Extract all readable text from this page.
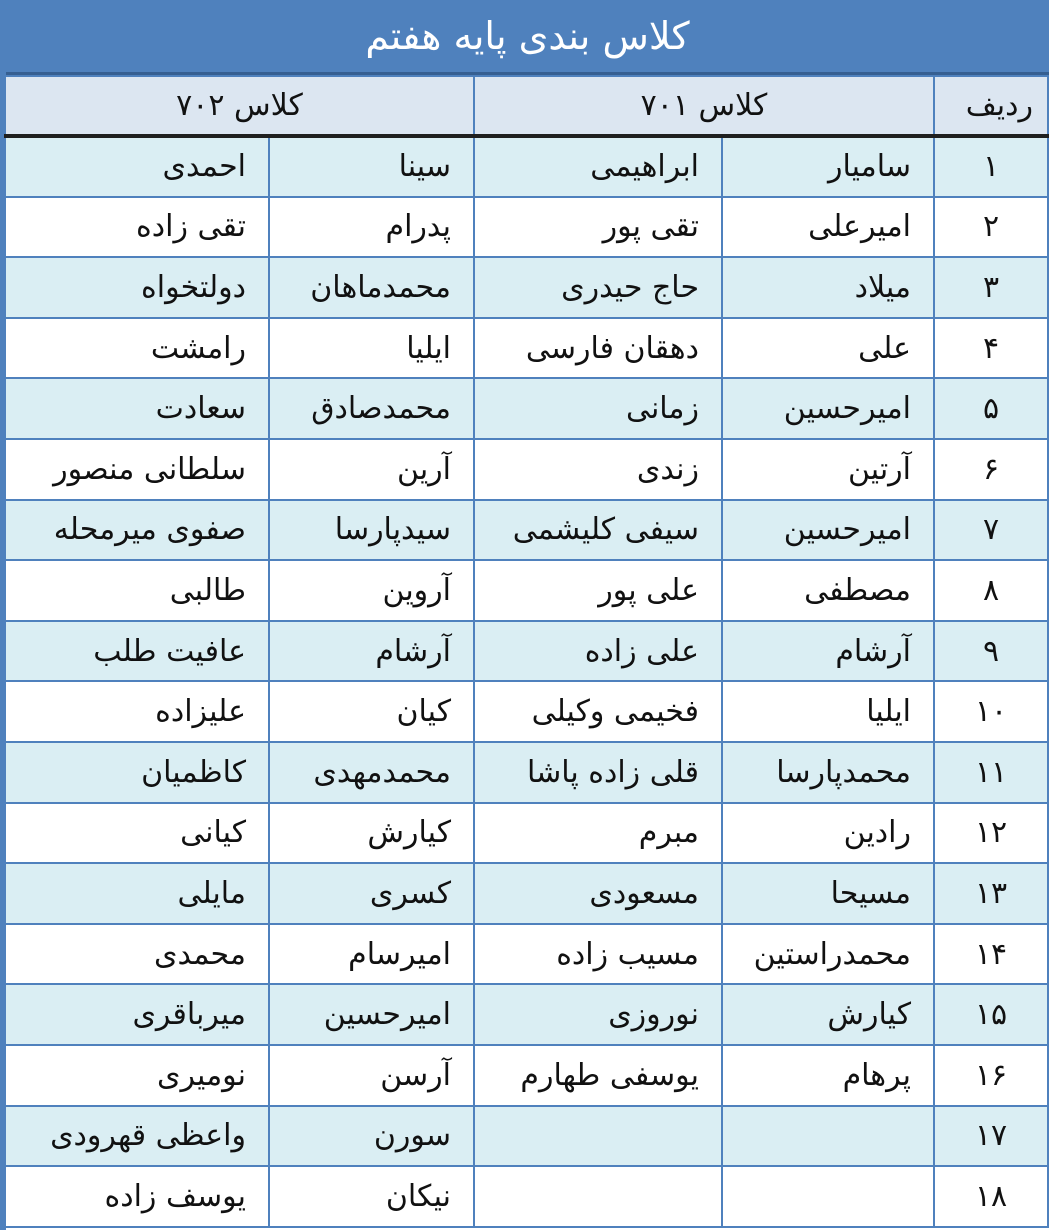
کلاس بندی پایه هفتم
ردیف	کلاس ۷۰۱		کلاس ۷۰۲	
۱	سامیار	ابراهیمی	سینا	احمدی
۲	امیرعلی	تقی پور	پدرام	تقی زاده
۳	میلاد	حاج حیدری	محمدماهان	دولتخواه
۴	علی	دهقان فارسی	ایلیا	رامشت
۵	امیرحسین	زمانی	محمدصادق	سعادت
۶	آرتین	زندی	آرین	سلطانی منصور
۷	امیرحسین	سیفی کلیشمی	سیدپارسا	صفوی میرمحله
۸	مصطفی	علی پور	آروین	طالبی
۹	آرشام	علی زاده	آرشام	عافیت طلب
۱۰	ایلیا	فخیمی وکیلی	کیان	علیزاده
۱۱	محمدپارسا	قلی زاده پاشا	محمدمهدی	کاظمیان
۱۲	رادین	مبرم	کیارش	کیانی
۱۳	مسیحا	مسعودی	کسری	مایلی
۱۴	محمدراستین	مسیب زاده	امیرسام	محمدی
۱۵	کیارش	نوروزی	امیرحسین	میرباقری
۱۶	پرهام	یوسفی طهارم	آرسن	نومیری
۱۷			سورن	واعظی قهرودی
۱۸			نیکان	یوسف زاده
